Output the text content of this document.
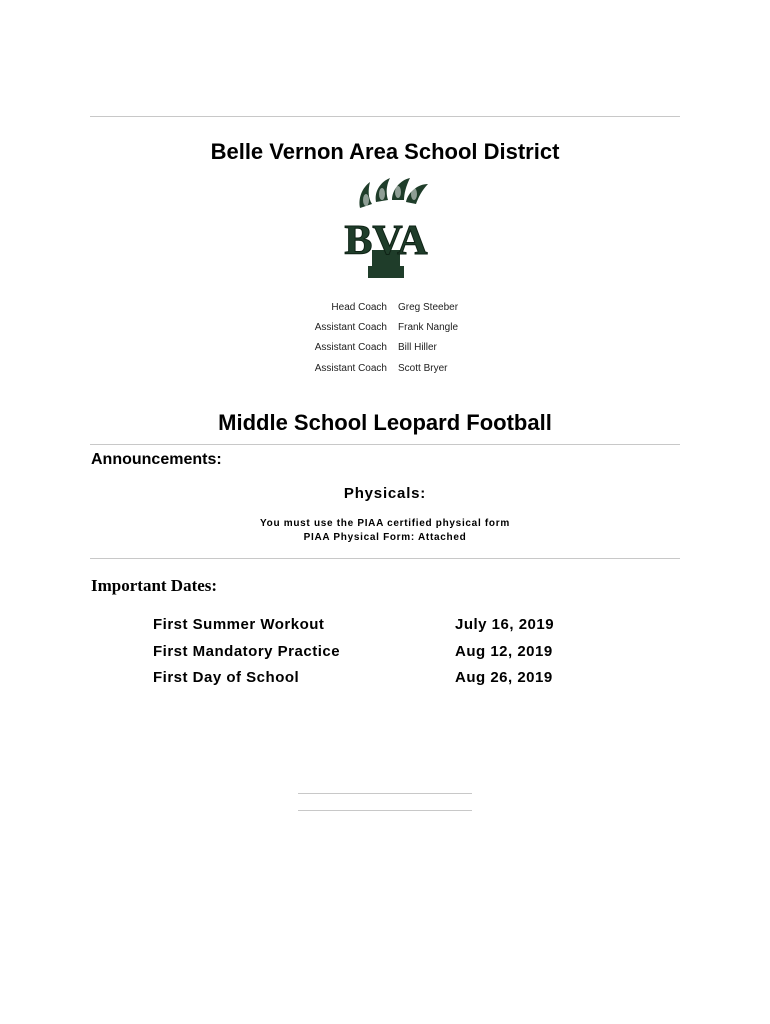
Belle Vernon Area School District
BVA
Head Coach Greg Steeber
Assistant Coach Frank Nangle
Assistant Coach Bill Hiller
Assistant Coach Scott Bryer
Middle School Leopard Football
Announcements:
Physicals:
You must use the PIAA certified physical form
PIAA Physical Form: Attached
Important Dates:
First Summer Workout	July 16, 2019
First Mandatory Practice	Aug 12, 2019
First Day of School	Aug 26, 2019
